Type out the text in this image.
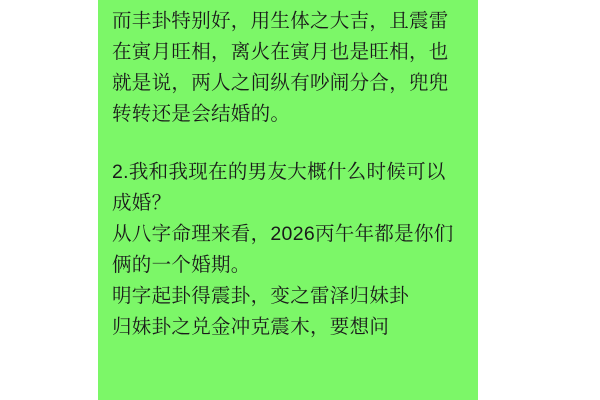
而丰卦特别好，用生体之大吉，且震雷在寅月旺相，离火在寅月也是旺相，也就是说，两人之间纵有吵闹分合，兜兜转转还是会结婚的。

2.我和我现在的男友大概什么时候可以成婚？

从八字命理来看，2026丙午年都是你们俩的一个婚期。

明字起卦得震卦，变之雷泽归妹卦

归妹卦之兑金冲克震木，要想问
